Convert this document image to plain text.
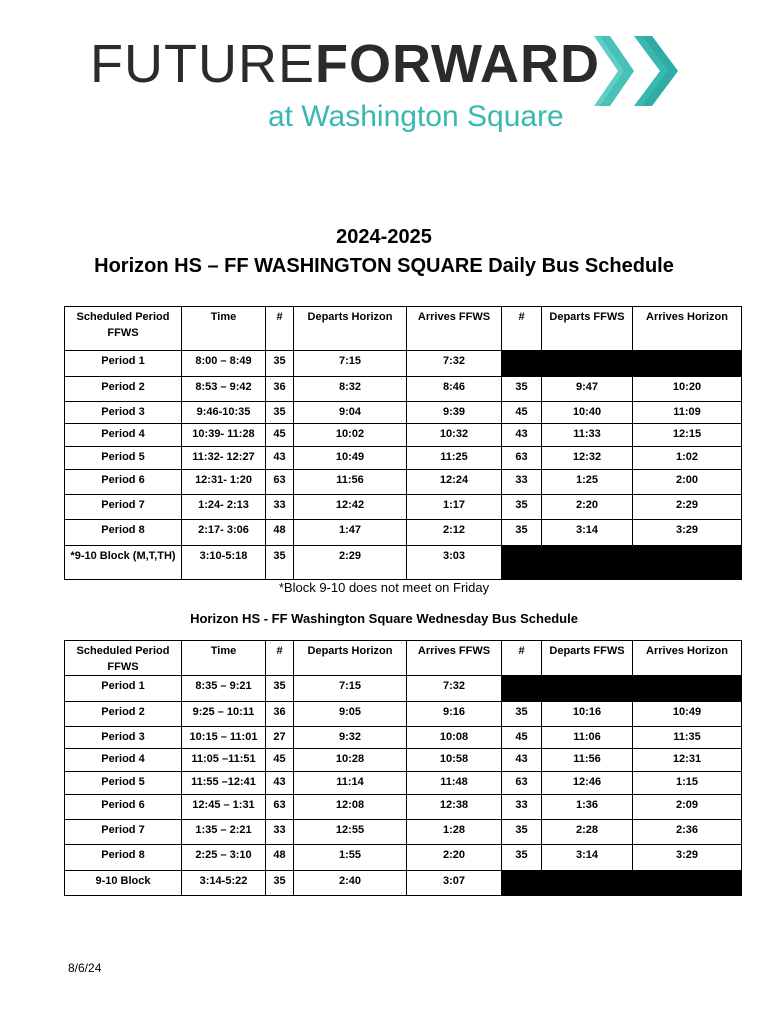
FUTUREFORWARD
at Washington Square
2024-2025
Horizon HS – FF WASHINGTON SQUARE Daily Bus Schedule
Scheduled Period FFWS	Time	#	Departs Horizon	Arrives FFWS	#	Departs FFWS	Arrives Horizon
Period 1	8:00 – 8:49	35	7:15	7:32			
Period 2	8:53 – 9:42	36	8:32	8:46	35	9:47	10:20
Period 3	9:46-10:35	35	9:04	9:39	45	10:40	11:09
Period 4	10:39- 11:28	45	10:02	10:32	43	11:33	12:15
Period 5	11:32- 12:27	43	10:49	11:25	63	12:32	1:02
Period 6	12:31- 1:20	63	11:56	12:24	33	1:25	2:00
Period 7	1:24- 2:13	33	12:42	1:17	35	2:20	2:29
Period 8	2:17- 3:06	48	1:47	2:12	35	3:14	3:29
*9-10 Block (M,T,TH)	3:10-5:18	35	2:29	3:03			
*Block 9-10 does not meet on Friday
Horizon HS - FF Washington Square Wednesday Bus Schedule
Scheduled Period FFWS	Time	#	Departs Horizon	Arrives FFWS	#	Departs FFWS	Arrives Horizon
Period 1	8:35 – 9:21	35	7:15	7:32			
Period 2	9:25 – 10:11	36	9:05	9:16	35	10:16	10:49
Period 3	10:15 – 11:01	27	9:32	10:08	45	11:06	11:35
Period 4	11:05 –11:51	45	10:28	10:58	43	11:56	12:31
Period 5	11:55 –12:41	43	11:14	11:48	63	12:46	1:15
Period 6	12:45 – 1:31	63	12:08	12:38	33	1:36	2:09
Period 7	1:35 – 2:21	33	12:55	1:28	35	2:28	2:36
Period 8	2:25 – 3:10	48	1:55	2:20	35	3:14	3:29
9-10 Block	3:14-5:22	35	2:40	3:07			
8/6/24
